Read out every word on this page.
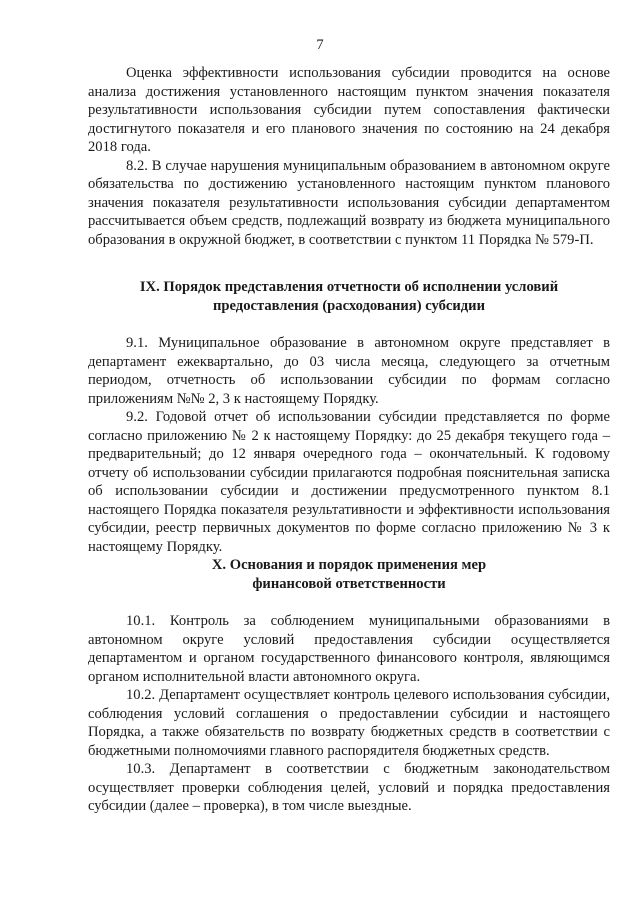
7

Оценка эффективности использования субсидии проводится на основе анализа достижения установленного настоящим пунктом значения показателя результативности использования субсидии путем сопоставления фактически достигнутого показателя и его планового значения по состоянию на 24 декабря 2018 года.

8.2. В случае нарушения муниципальным образованием в автономном округе обязательства по достижению установленного настоящим пунктом планового значения показателя результативности использования субсидии департаментом рассчитывается объем средств, подлежащий возврату из бюджета муниципального образования в окружной бюджет, в соответствии с пунктом 11 Порядка № 579-П.

IX. Порядок представления отчетности об исполнении условий
предоставления (расходования) субсидии

9.1. Муниципальное образование в автономном округе представляет в департамент ежеквартально, до 03 числа месяца, следующего за отчетным периодом, отчетность об использовании субсидии по формам согласно приложениям №№ 2, 3 к настоящему Порядку.

9.2. Годовой отчет об использовании субсидии представляется по форме согласно приложению № 2 к настоящему Порядку: до 25 декабря текущего года – предварительный; до 12 января очередного года – окончательный. К годовому отчету об использовании субсидии прилагаются подробная пояснительная записка об использовании субсидии и достижении предусмотренного пунктом 8.1 настоящего Порядка показателя результативности и эффективности использования субсидии, реестр первичных документов по форме согласно приложению № 3 к настоящему Порядку.

X. Основания и порядок применения мер
финансовой ответственности

10.1. Контроль за соблюдением муниципальными образованиями в автономном округе условий предоставления субсидии осуществляется департаментом и органом государственного финансового контроля, являющимся органом исполнительной власти автономного округа.

10.2. Департамент осуществляет контроль целевого использования субсидии, соблюдения условий соглашения о предоставлении субсидии и настоящего Порядка, а также обязательств по возврату бюджетных средств в соответствии с бюджетными полномочиями главного распорядителя бюджетных средств.

10.3. Департамент в соответствии с бюджетным законодательством осуществляет проверки соблюдения целей, условий и порядка предоставления субсидии (далее – проверка), в том числе выездные.
